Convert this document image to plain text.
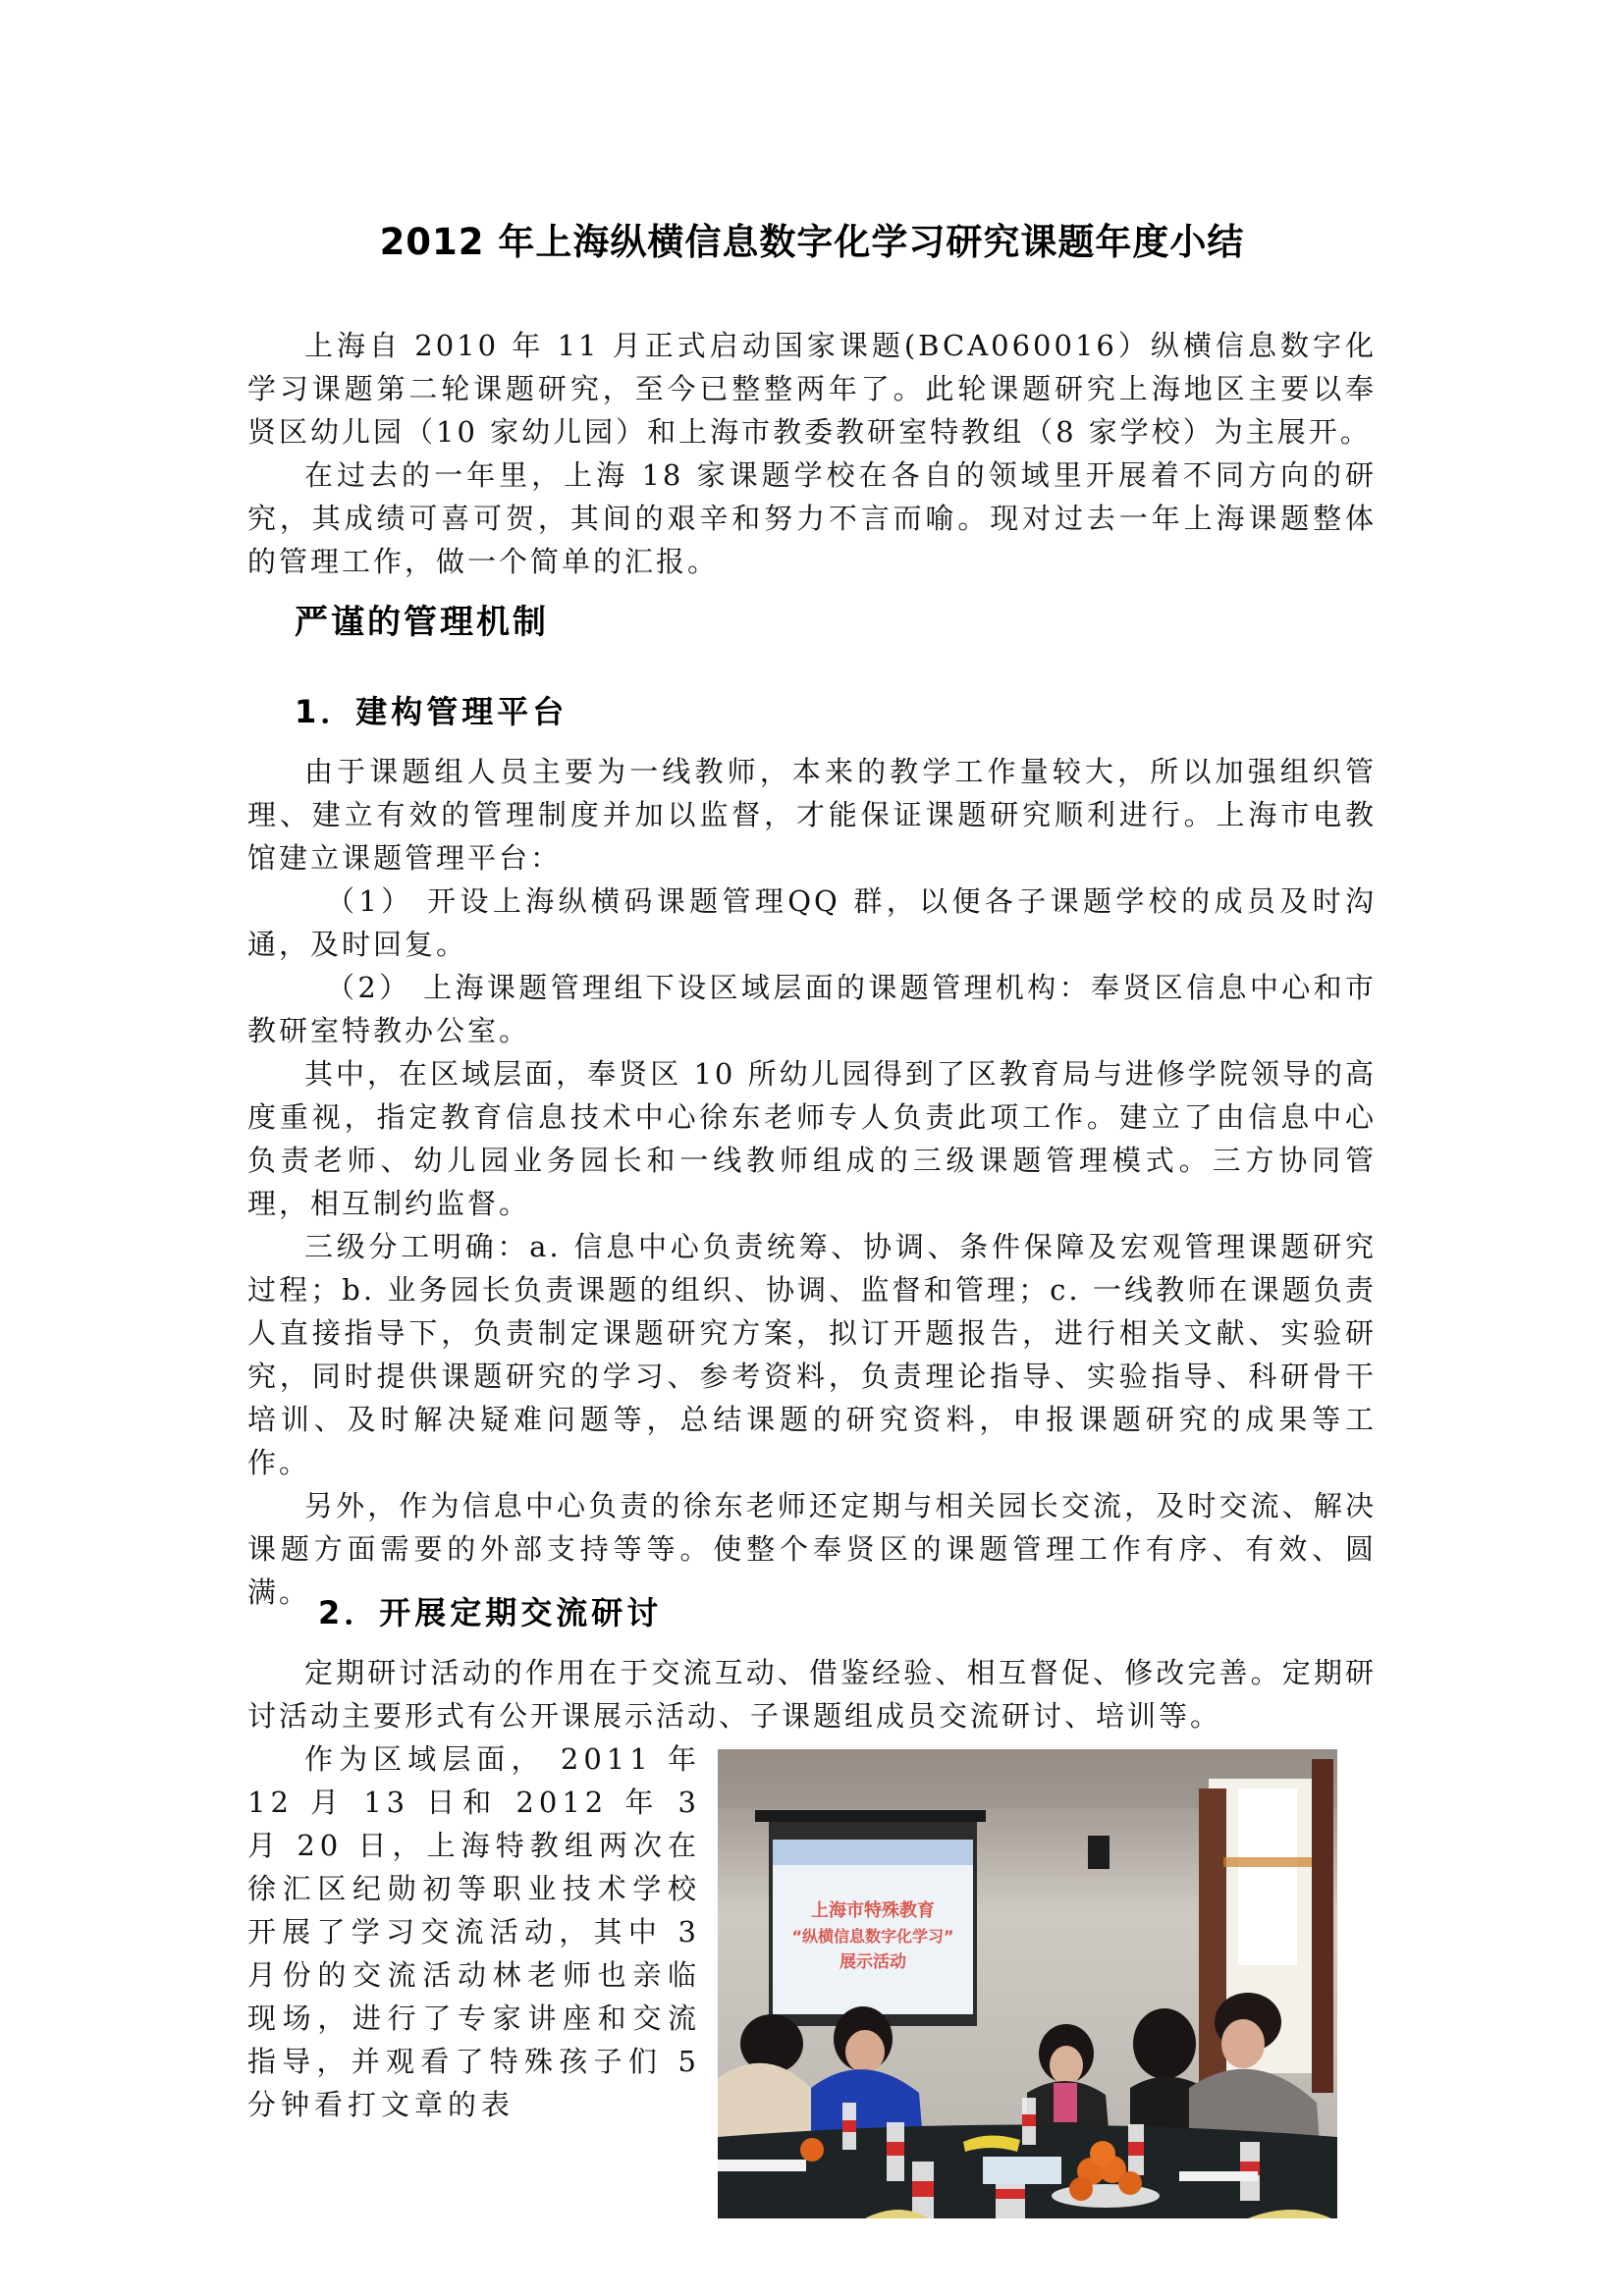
2012 年上海纵横信息数字化学习研究课题年度小结

上海自 2010 年 11 月正式启动国家课题(BCA060016）纵横信息数字化学习课题第二轮课题研究，至今已整整两年了。此轮课题研究上海地区主要以奉贤区幼儿园（10 家幼儿园）和上海市教委教研室特教组（8 家学校）为主展开。

在过去的一年里，上海 18 家课题学校在各自的领域里开展着不同方向的研究，其成绩可喜可贺，其间的艰辛和努力不言而喻。现对过去一年上海课题整体的管理工作，做一个简单的汇报。

严谨的管理机制
1．建构管理平台

由于课题组人员主要为一线教师，本来的教学工作量较大，所以加强组织管理、建立有效的管理制度并加以监督，才能保证课题研究顺利进行。上海市电教馆建立课题管理平台：

（1） 开设上海纵横码课题管理QQ 群，以便各子课题学校的成员及时沟通，及时回复。

（2） 上海课题管理组下设区域层面的课题管理机构：奉贤区信息中心和市教研室特教办公室。

其中，在区域层面，奉贤区 10 所幼儿园得到了区教育局与进修学院领导的高度重视，指定教育信息技术中心徐东老师专人负责此项工作。建立了由信息中心负责老师、幼儿园业务园长和一线教师组成的三级课题管理模式。三方协同管理，相互制约监督。

三级分工明确：a. 信息中心负责统筹、协调、条件保障及宏观管理课题研究过程；b. 业务园长负责课题的组织、协调、监督和管理；c. 一线教师在课题负责人直接指导下，负责制定课题研究方案，拟订开题报告，进行相关文献、实验研究，同时提供课题研究的学习、参考资料，负责理论指导、实验指导、科研骨干培训、及时解决疑难问题等，总结课题的研究资料，申报课题研究的成果等工作。

另外，作为信息中心负责的徐东老师还定期与相关园长交流，及时交流、解决课题方面需要的外部支持等等。使整个奉贤区的课题管理工作有序、有效、圆满。

2．开展定期交流研讨

定期研讨活动的作用在于交流互动、借鉴经验、相互督促、修改完善。定期研讨活动主要形式有公开课展示活动、子课题组成员交流研讨、培训等。

作为区域层面， 2011 年 12 月 13 日和 2012 年 3 月 20 日，上海特教组两次在徐汇区纪勋初等职业技术学校开展了学习交流活动，其中 3 月份的交流活动林老师也亲临现场，进行了专家讲座和交流指导，并观看了特殊孩子们 5 分钟看打文章的表

上海市特殊教育
“纵横信息数字化学习”
展示活动
